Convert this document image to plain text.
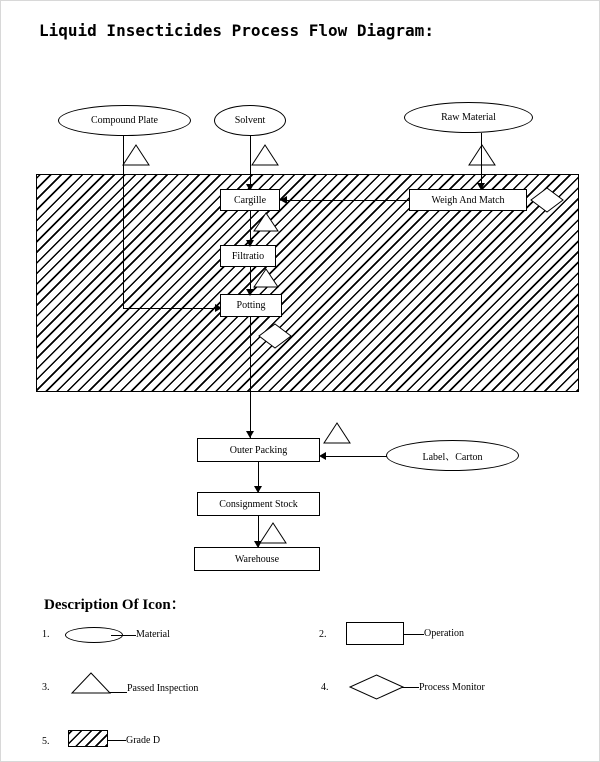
Liquid Insecticides Process Flow Diagram:
Compound Plate	Solvent	Raw Material
Cargille	Weigh And Match
Filtratio
Potting
Outer Packing
Label、Carton
Consignment Stock
Warehouse
Description Of Icon：
1.	Material	2.	Operation
3.	Passed Inspection	4.	Process Monitor
5.	Grade D
